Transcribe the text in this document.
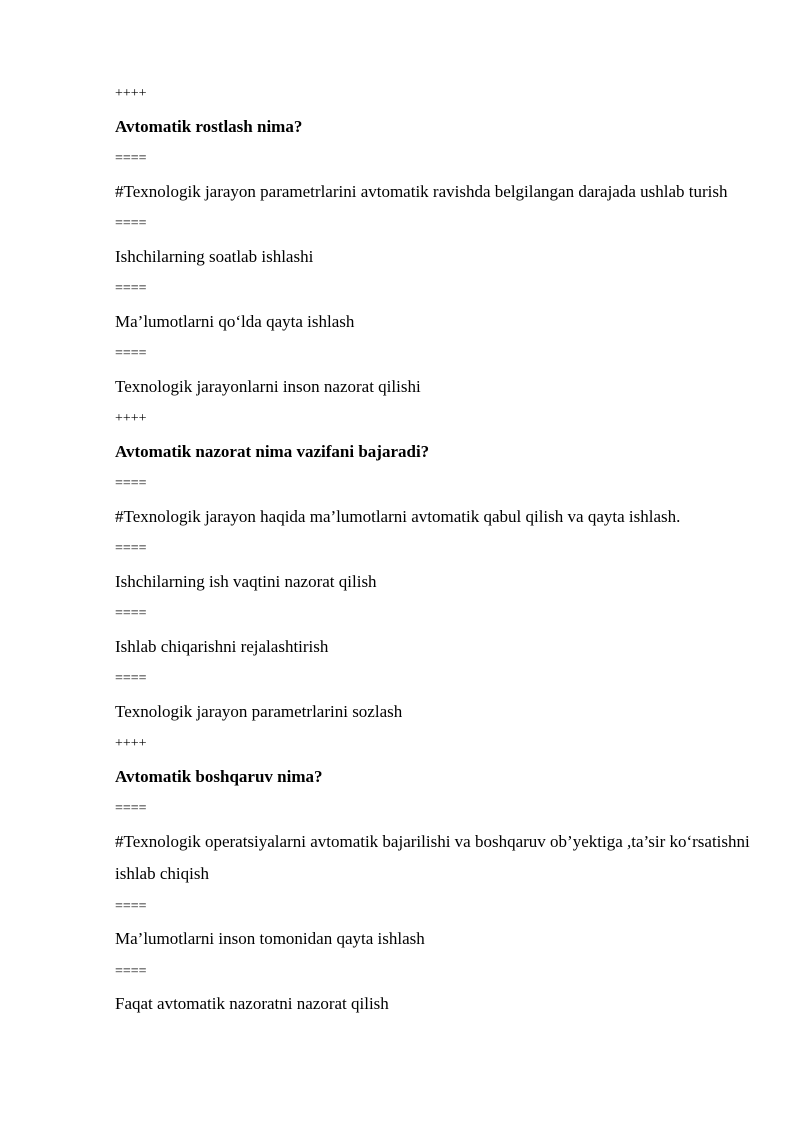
++++
Avtomatik rostlash nima?
====
#Texnologik jarayon parametrlarini avtomatik ravishda belgilangan darajada ushlab turish
====
Ishchilarning soatlab ishlashi
====
Ma’lumotlarni qo‘lda qayta ishlash
====
Texnologik jarayonlarni inson nazorat qilishi
++++
Avtomatik nazorat nima vazifani bajaradi?
====
#Texnologik jarayon haqida ma’lumotlarni avtomatik qabul qilish va qayta ishlash.
====
Ishchilarning ish vaqtini nazorat qilish
====
Ishlab chiqarishni rejalashtirish
====
Texnologik jarayon parametrlarini sozlash
++++
Avtomatik boshqaruv nima?
====
#Texnologik operatsiyalarni avtomatik bajarilishi va boshqaruv ob’yektiga ,ta’sir ko‘rsatishni ishlab chiqish
====
Ma’lumotlarni inson tomonidan qayta ishlash
====
Faqat avtomatik nazoratni nazorat qilish
